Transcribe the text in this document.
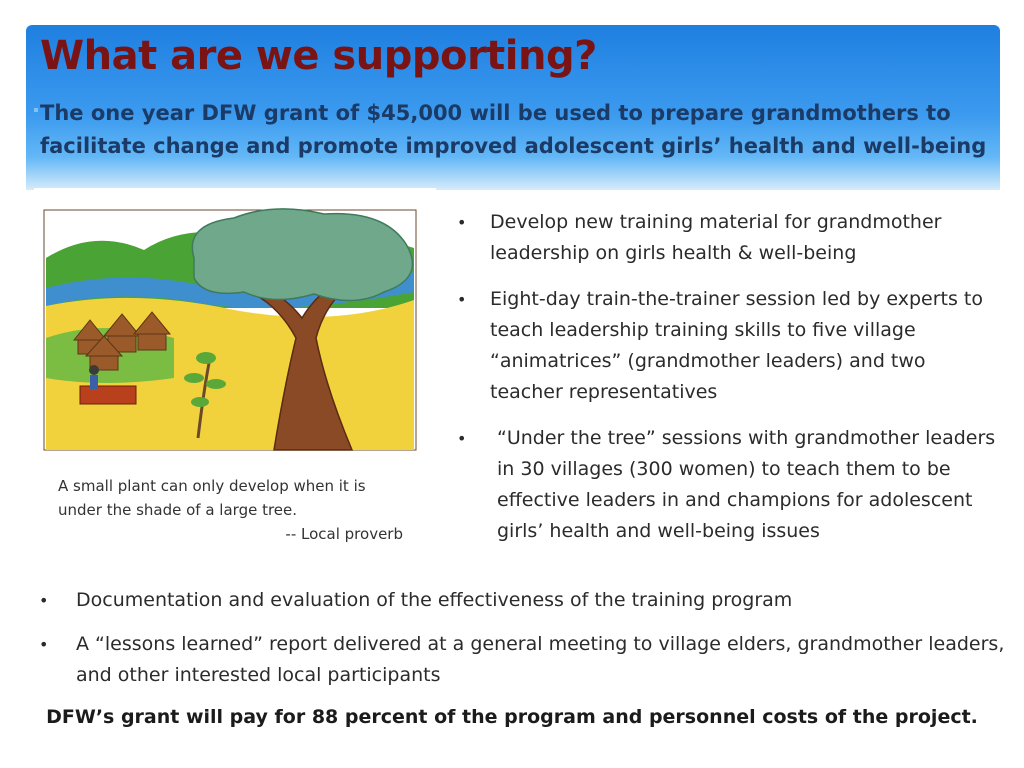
What are we supporting?

The one year DFW grant of $45,000 will be used to prepare grandmothers to facilitate change and promote improved adolescent girls’ health and well-being

A small plant can only develop when it is under the shade of a large tree.
-- Local proverb
• Develop new training material for grandmother leadership on girls health & well-being
• Eight-day train-the-trainer session led by experts to teach leadership training skills to five village “animatrices” (grandmother leaders) and two teacher representatives
• “Under the tree” sessions with grandmother leaders in 30 villages (300 women) to teach them to be effective leaders in and champions for adolescent girls’ health and well-being issues
• Documentation and evaluation of the effectiveness of the training program
• A “lessons learned” report delivered at a general meeting to village elders, grandmother leaders, and other interested local participants
DFW’s grant will pay for 88 percent of the program and personnel costs of the project.
